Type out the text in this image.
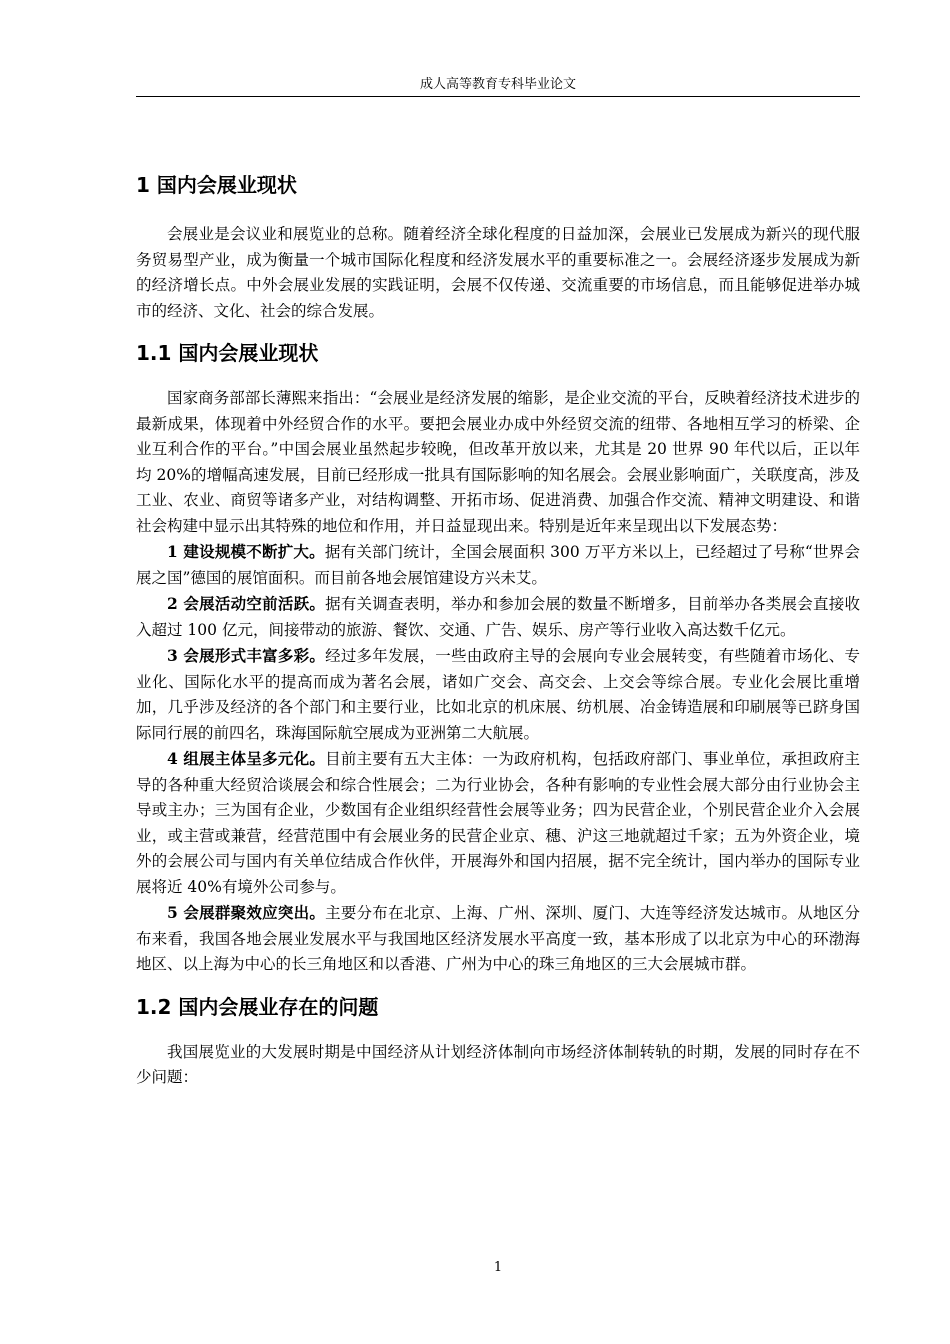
成人高等教育专科毕业论文
1 国内会展业现状

会展业是会议业和展览业的总称。随着经济全球化程度的日益加深，会展业已发展成为新兴的现代服务贸易型产业，成为衡量一个城市国际化程度和经济发展水平的重要标准之一。会展经济逐步发展成为新的经济增长点。中外会展业发展的实践证明，会展不仅传递、交流重要的市场信息，而且能够促进举办城市的经济、文化、社会的综合发展。

1.1 国内会展业现状

国家商务部部长薄熙来指出：“会展业是经济发展的缩影，是企业交流的平台，反映着经济技术进步的最新成果，体现着中外经贸合作的水平。要把会展业办成中外经贸交流的纽带、各地相互学习的桥梁、企业互利合作的平台。”中国会展业虽然起步较晚，但改革开放以来，尤其是 20 世界 90 年代以后，正以年均 20%的增幅高速发展，目前已经形成一批具有国际影响的知名展会。会展业影响面广，关联度高，涉及工业、农业、商贸等诸多产业，对结构调整、开拓市场、促进消费、加强合作交流、精神文明建设、和谐社会构建中显示出其特殊的地位和作用，并日益显现出来。特别是近年来呈现出以下发展态势：

1 建设规模不断扩大。据有关部门统计，全国会展面积 300 万平方米以上，已经超过了号称“世界会展之国”德国的展馆面积。而目前各地会展馆建设方兴未艾。

2 会展活动空前活跃。据有关调查表明，举办和参加会展的数量不断增多，目前举办各类展会直接收入超过 100 亿元，间接带动的旅游、餐饮、交通、广告、娱乐、房产等行业收入高达数千亿元。

3 会展形式丰富多彩。经过多年发展，一些由政府主导的会展向专业会展转变，有些随着市场化、专业化、国际化水平的提高而成为著名会展，诸如广交会、高交会、上交会等综合展。专业化会展比重增加，几乎涉及经济的各个部门和主要行业，比如北京的机床展、纺机展、冶金铸造展和印刷展等已跻身国际同行展的前四名，珠海国际航空展成为亚洲第二大航展。

4 组展主体呈多元化。目前主要有五大主体：一为政府机构，包括政府部门、事业单位，承担政府主导的各种重大经贸洽谈展会和综合性展会；二为行业协会，各种有影响的专业性会展大部分由行业协会主导或主办；三为国有企业，少数国有企业组织经营性会展等业务；四为民营企业，个别民营企业介入会展业，或主营或兼营，经营范围中有会展业务的民营企业京、穗、沪这三地就超过千家；五为外资企业，境外的会展公司与国内有关单位结成合作伙伴，开展海外和国内招展，据不完全统计，国内举办的国际专业展将近 40%有境外公司参与。

5 会展群聚效应突出。主要分布在北京、上海、广州、深圳、厦门、大连等经济发达城市。从地区分布来看，我国各地会展业发展水平与我国地区经济发展水平高度一致，基本形成了以北京为中心的环渤海地区、以上海为中心的长三角地区和以香港、广州为中心的珠三角地区的三大会展城市群。

1.2 国内会展业存在的问题

我国展览业的大发展时期是中国经济从计划经济体制向市场经济体制转轨的时期，发展的同时存在不少问题：

1
